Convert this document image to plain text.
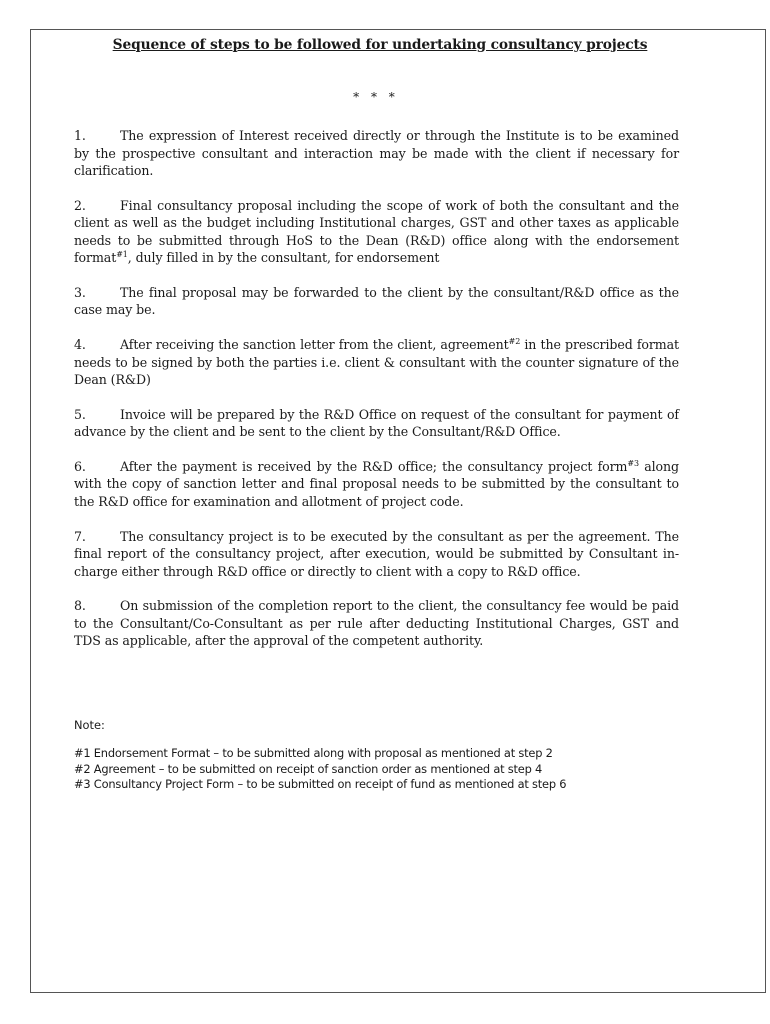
Sequence of steps to be followed for undertaking consultancy projects
* * *

1.	The expression of Interest received directly or through the Institute is to be examined by the prospective consultant and interaction may be made with the client if necessary for clarification.

2.	Final consultancy proposal including the scope of work of both the consultant and the client as well as the budget including Institutional charges, GST and other taxes as applicable needs to be submitted through HoS to the Dean (R&D) office along with the endorsement format$^{\#1}$, duly filled in by the consultant, for endorsement

3.	The final proposal may be forwarded to the client by the consultant/R&D office as the case may be.

4.	After receiving the sanction letter from the client, agreement$^{\#2}$ in the prescribed format needs to be signed by both the parties i.e. client & consultant with the counter signature of the Dean (R&D)

5.	Invoice will be prepared by the R&D Office on request of the consultant for payment of advance by the client and be sent to the client by the Consultant/R&D Office.

6.	After the payment is received by the R&D office; the consultancy project form$^{\#3}$ along with the copy of sanction letter and final proposal needs to be submitted by the consultant to the R&D office for examination and allotment of project code.

7.	The consultancy project is to be executed by the consultant as per the agreement. The final report of the consultancy project, after execution, would be submitted by Consultant in-charge either through R&D office or directly to client with a copy to R&D office.

8.	On submission of the completion report to the client, the consultancy fee would be paid to the Consultant/Co-Consultant as per rule after deducting Institutional Charges, GST and TDS as applicable, after the approval of the competent authority.

Note:

#1 Endorsement Format – to be submitted along with proposal as mentioned at step 2

#2 Agreement – to be submitted on receipt of sanction order as mentioned at step 4

#3 Consultancy Project Form – to be submitted on receipt of fund as mentioned at step 6
